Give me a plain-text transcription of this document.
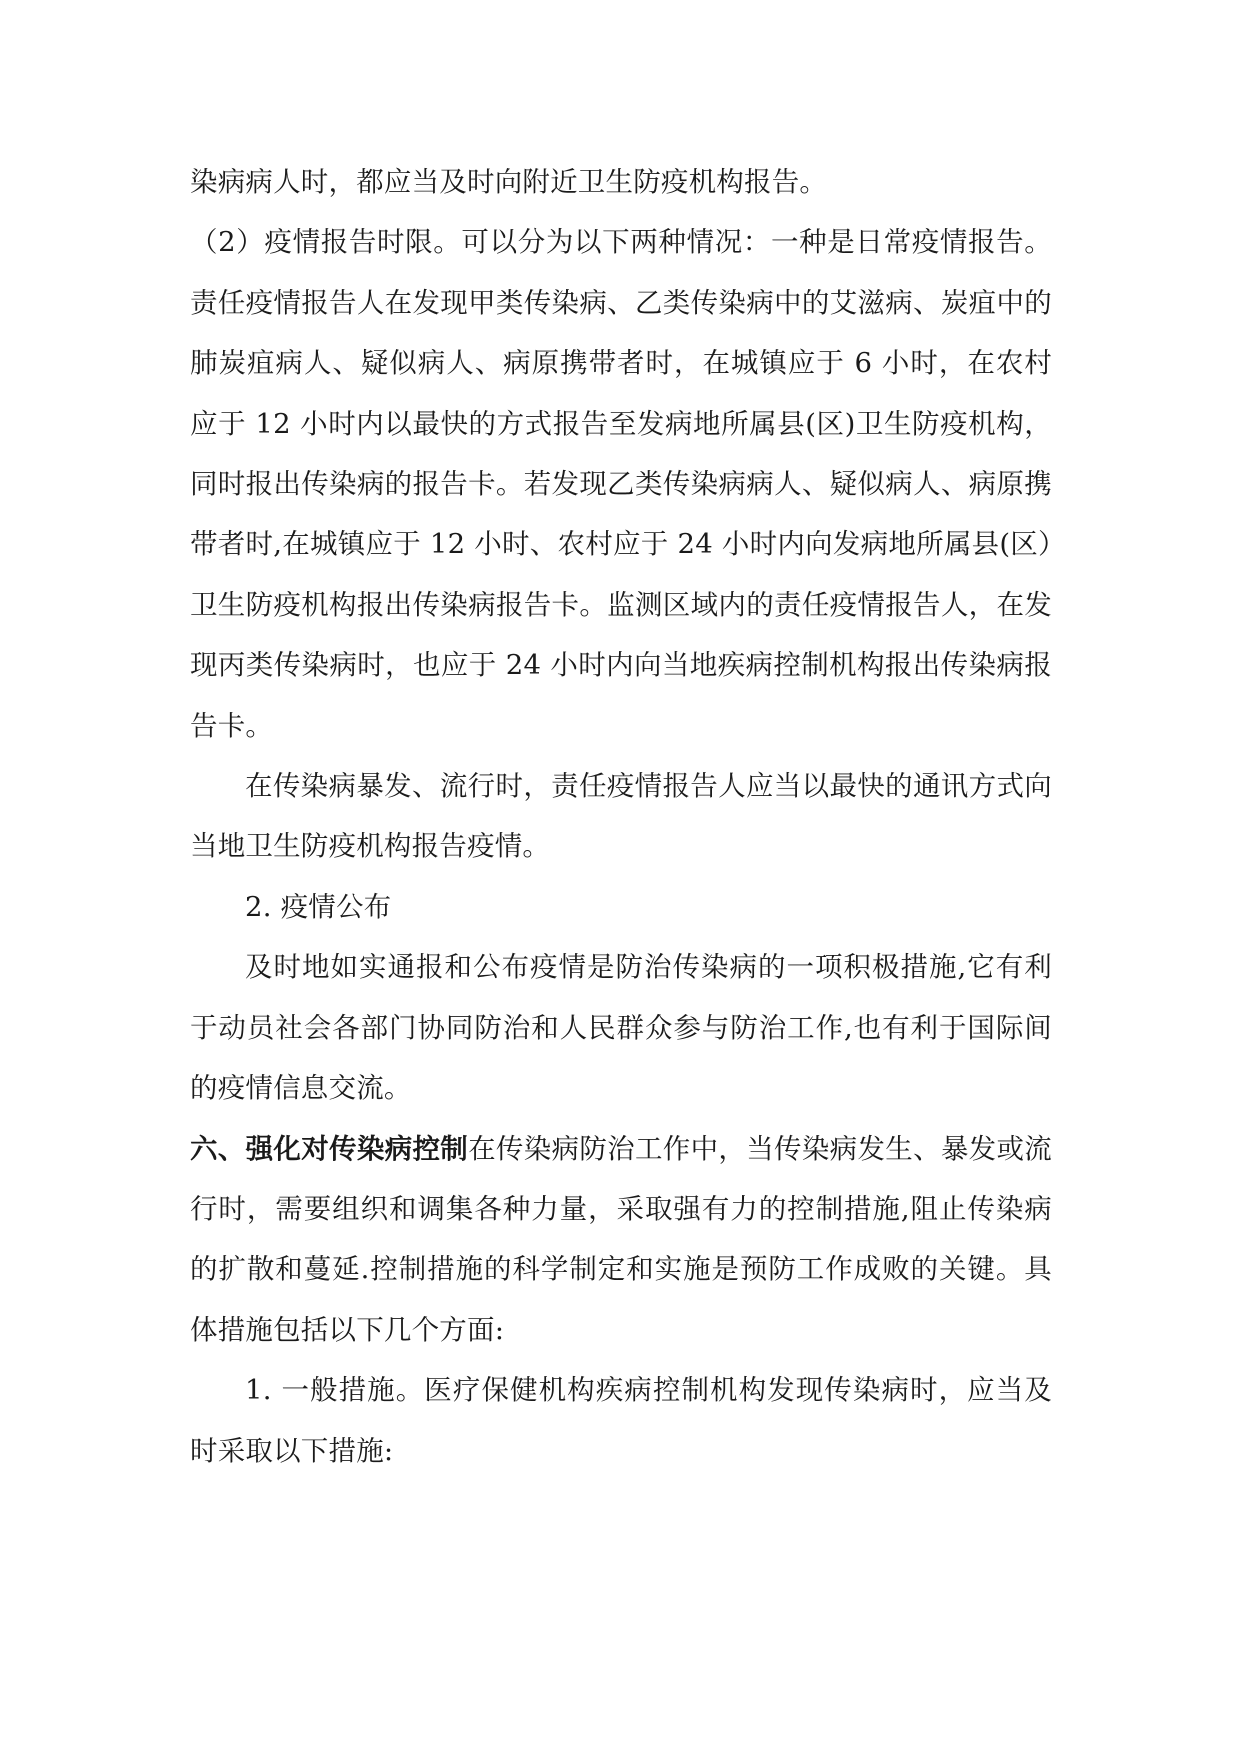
染病病人时，都应当及时向附近卫生防疫机构报告。

（2）疫情报告时限。可以分为以下两种情况：一种是日常疫情报告。责任疫情报告人在发现甲类传染病、乙类传染病中的艾滋病、炭疽中的肺炭疽病人、疑似病人、病原携带者时，在城镇应于 6 小时，在农村应于 12 小时内以最快的方式报告至发病地所属县(区)卫生防疫机构，同时报出传染病的报告卡。若发现乙类传染病病人、疑似病人、病原携带者时,在城镇应于 12 小时、农村应于 24 小时内向发病地所属县(区）卫生防疫机构报出传染病报告卡。监测区域内的责任疫情报告人，在发现丙类传染病时，也应于 24 小时内向当地疾病控制机构报出传染病报告卡。

在传染病暴发、流行时，责任疫情报告人应当以最快的通讯方式向当地卫生防疫机构报告疫情。

2. 疫情公布

及时地如实通报和公布疫情是防治传染病的一项积极措施,它有利于动员社会各部门协同防治和人民群众参与防治工作,也有利于国际间的疫情信息交流。

六、强化对传染病控制在传染病防治工作中，当传染病发生、暴发或流行时，需要组织和调集各种力量，采取强有力的控制措施,阻止传染病的扩散和蔓延.控制措施的科学制定和实施是预防工作成败的关键。具体措施包括以下几个方面:

1. 一般措施。医疗保健机构疾病控制机构发现传染病时，应当及时采取以下措施:
